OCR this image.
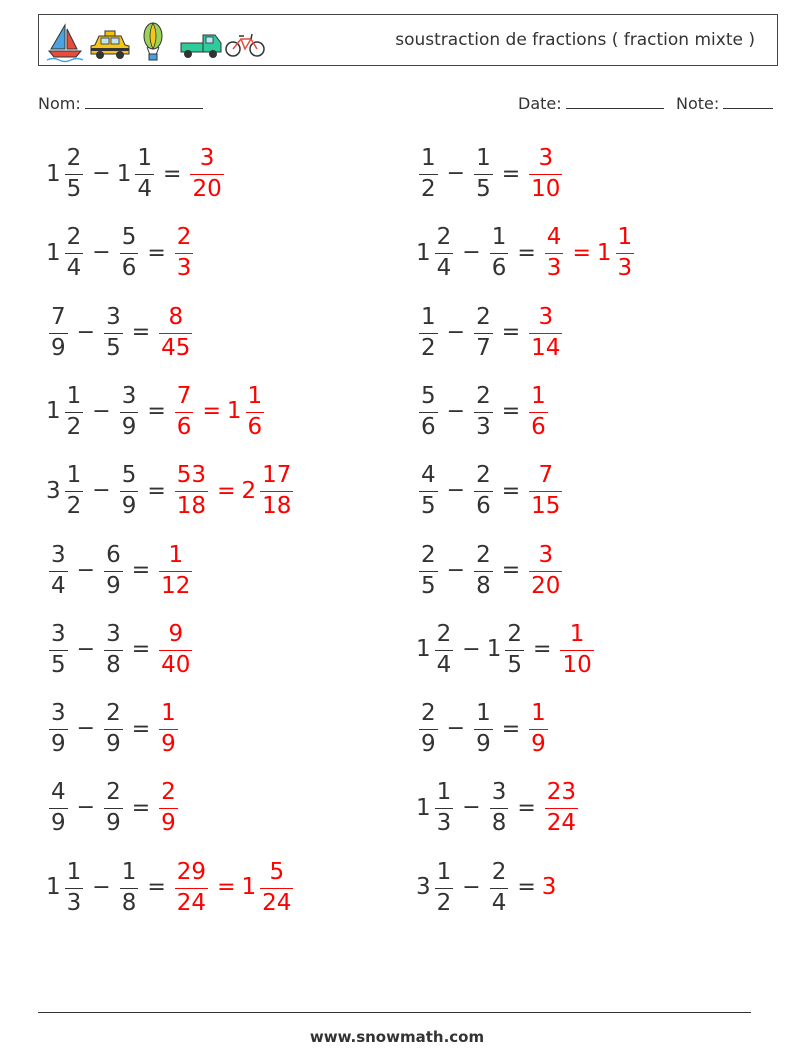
soustraction de fractions ( fraction mixte )
Nom:	Date:	Note:
$1 \frac{2}{5} - 1 \frac{1}{4} = \frac{3}{20}$	$\frac{1}{2} - \frac{1}{5} = \frac{3}{10}$
$1 \frac{2}{4} - \frac{5}{6} = \frac{2}{3}$	$1 \frac{2}{4} - \frac{1}{6} = \frac{4}{3} = 1 \frac{1}{3}$
$\frac{7}{9} - \frac{3}{5} = \frac{8}{45}$	$\frac{1}{2} - \frac{2}{7} = \frac{3}{14}$
$1 \frac{1}{2} - \frac{3}{9} = \frac{7}{6} = 1 \frac{1}{6}$	$\frac{5}{6} - \frac{2}{3} = \frac{1}{6}$
$3 \frac{1}{2} - \frac{5}{9} = \frac{53}{18} = 2 \frac{17}{18}$	$\frac{4}{5} - \frac{2}{6} = \frac{7}{15}$
$\frac{3}{4} - \frac{6}{9} = \frac{1}{12}$	$\frac{2}{5} - \frac{2}{8} = \frac{3}{20}$
$\frac{3}{5} - \frac{3}{8} = \frac{9}{40}$	$1 \frac{2}{4} - 1 \frac{2}{5} = \frac{1}{10}$
$\frac{3}{9} - \frac{2}{9} = \frac{1}{9}$	$\frac{2}{9} - \frac{1}{9} = \frac{1}{9}$
$\frac{4}{9} - \frac{2}{9} = \frac{2}{9}$	$1 \frac{1}{3} - \frac{3}{8} = \frac{23}{24}$
$1 \frac{1}{3} - \frac{1}{8} = \frac{29}{24} = 1 \frac{5}{24}$	$3 \frac{1}{2} - \frac{2}{4} = 3$
www.snowmath.com
